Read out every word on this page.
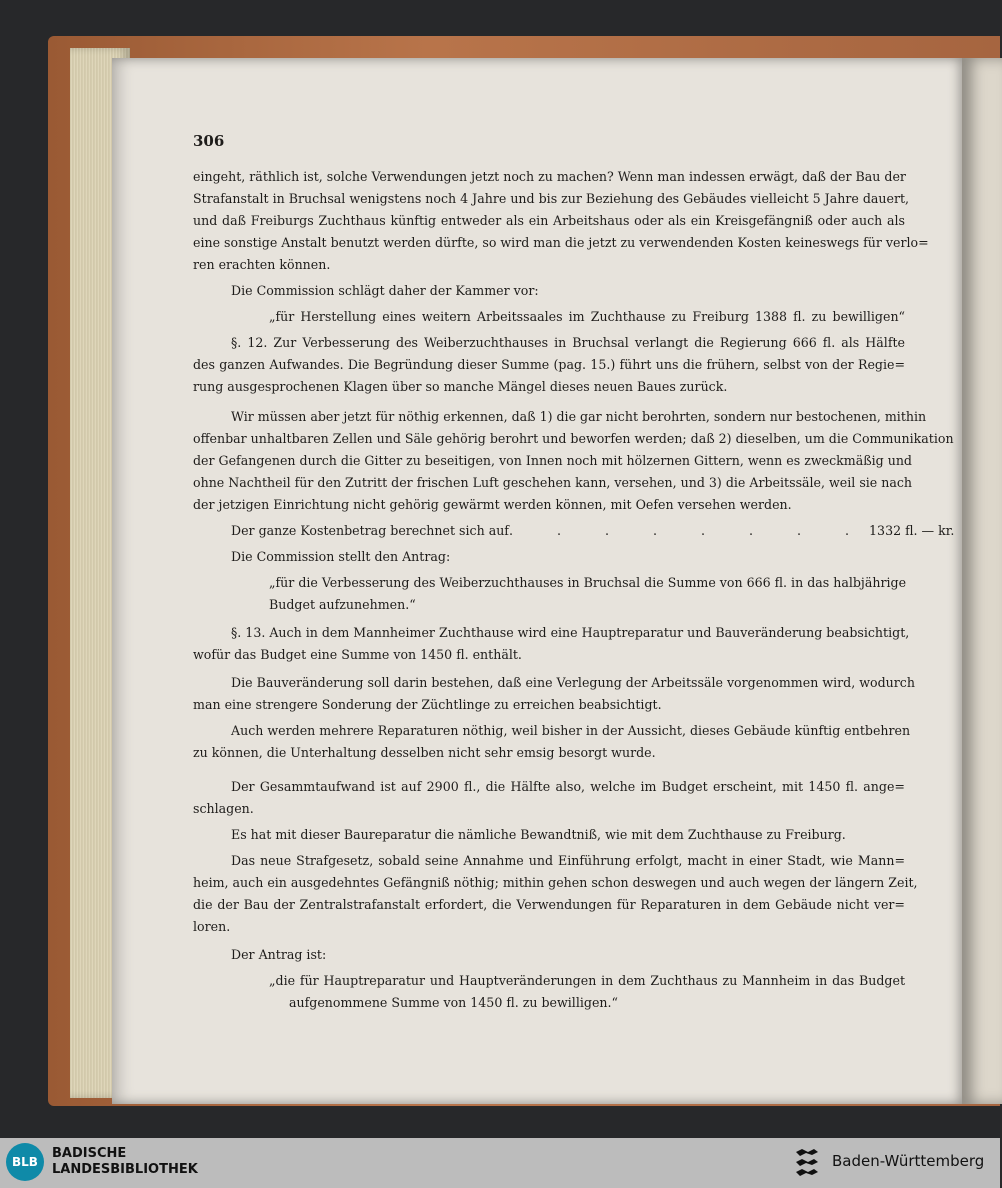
306
eingeht, räthlich ist, solche Verwendungen jetzt noch zu machen? Wenn man indessen erwägt, daß der Bau der
Strafanstalt in Bruchsal wenigstens noch 4 Jahre und bis zur Beziehung des Gebäudes vielleicht 5 Jahre dauert,
und daß Freiburgs Zuchthaus künftig entweder als ein Arbeitshaus oder als ein Kreisgefängniß oder auch als
eine sonstige Anstalt benutzt werden dürfte, so wird man die jetzt zu verwendenden Kosten keineswegs für verlo=
ren erachten können.
Die Commission schlägt daher der Kammer vor:
„für Herstellung eines weitern Arbeitssaales im Zuchthause zu Freiburg 1388 fl. zu bewilligen“
§. 12. Zur Verbesserung des Weiberzuchthauses in Bruchsal verlangt die Regierung 666 fl. als Hälfte
des ganzen Aufwandes. Die Begründung dieser Summe (pag. 15.) führt uns die frühern, selbst von der Regie=
rung ausgesprochenen Klagen über so manche Mängel dieses neuen Baues zurück.
Wir müssen aber jetzt für nöthig erkennen, daß 1) die gar nicht berohrten, sondern nur bestochenen, mithin
offenbar unhaltbaren Zellen und Säle gehörig berohrt und beworfen werden; daß 2) dieselben, um die Communikation
der Gefangenen durch die Gitter zu beseitigen, von Innen noch mit hölzernen Gittern, wenn es zweckmäßig und
ohne Nachtheil für den Zutritt der frischen Luft geschehen kann, versehen, und 3) die Arbeitssäle, weil sie nach
der jetzigen Einrichtung nicht gehörig gewärmt werden können, mit Oefen versehen werden.
Der ganze Kostenbetrag berechnet sich auf . . . . . . . . 1332 fl. — kr.
Die Commission stellt den Antrag:
„für die Verbesserung des Weiberzuchthauses in Bruchsal die Summe von 666 fl. in das halbjährige
Budget aufzunehmen.“
§. 13. Auch in dem Mannheimer Zuchthause wird eine Hauptreparatur und Bauveränderung beabsichtigt,
wofür das Budget eine Summe von 1450 fl. enthält.
Die Bauveränderung soll darin bestehen, daß eine Verlegung der Arbeitssäle vorgenommen wird, wodurch
man eine strengere Sonderung der Züchtlinge zu erreichen beabsichtigt.
Auch werden mehrere Reparaturen nöthig, weil bisher in der Aussicht, dieses Gebäude künftig entbehren
zu können, die Unterhaltung desselben nicht sehr emsig besorgt wurde.
Der Gesammtaufwand ist auf 2900 fl., die Hälfte also, welche im Budget erscheint, mit 1450 fl. ange=
schlagen.
Es hat mit dieser Baureparatur die nämliche Bewandtniß, wie mit dem Zuchthause zu Freiburg.
Das neue Strafgesetz, sobald seine Annahme und Einführung erfolgt, macht in einer Stadt, wie Mann=
heim, auch ein ausgedehntes Gefängniß nöthig; mithin gehen schon deswegen und auch wegen der längern Zeit,
die der Bau der Zentralstrafanstalt erfordert, die Verwendungen für Reparaturen in dem Gebäude nicht ver=
loren.
Der Antrag ist:
„die für Hauptreparatur und Hauptveränderungen in dem Zuchthaus zu Mannheim in das Budget
aufgenommene Summe von 1450 fl. zu bewilligen.“
BLB
BADISCHE
LANDESBIBLIOTHEK	Baden-Württemberg
